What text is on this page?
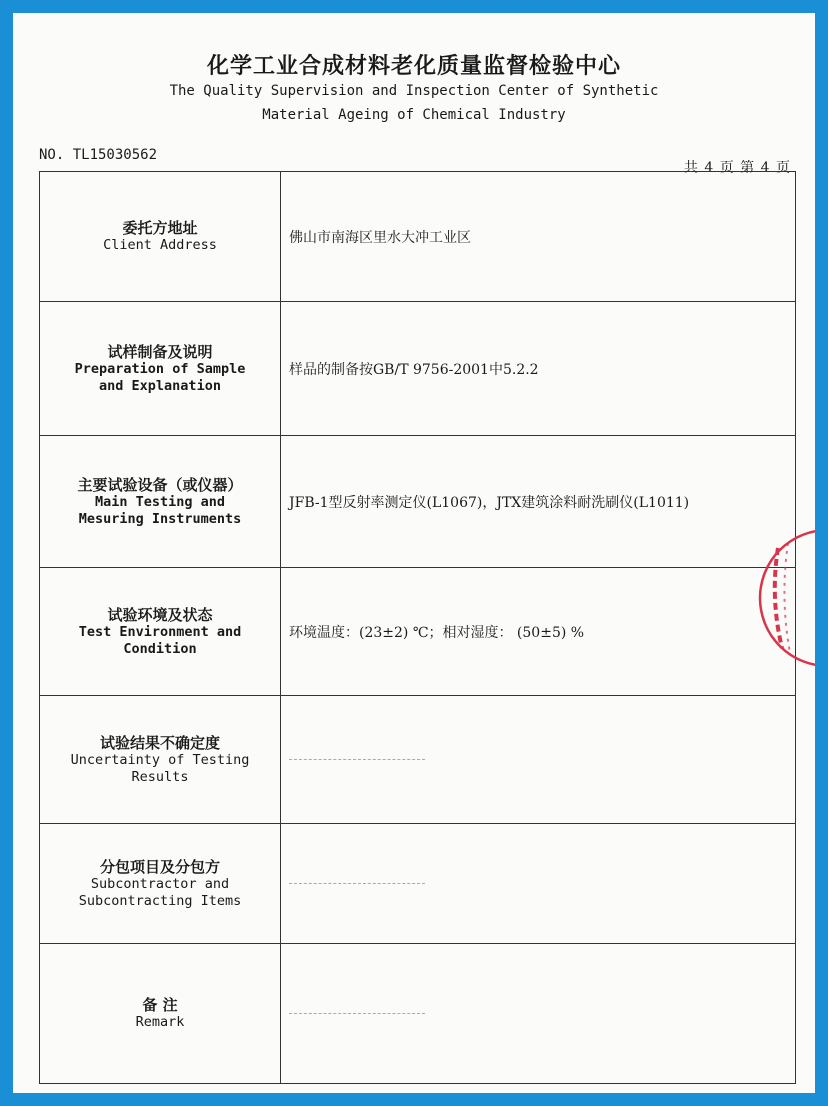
化学工业合成材料老化质量监督检验中心
The Quality Supervision and Inspection Center of Synthetic
Material Ageing of Chemical Industry
NO. TL15030562
共 4 页 第 4 页
委托方地址
Client Address	佛山市南海区里水大冲工业区

试样制备及说明
Preparation of Sample
and Explanation	样品的制备按GB/T 9756-2001中5.2.2

主要试验设备（或仪器）
Main Testing and
Mesuring Instruments	JFB-1型反射率测定仪(L1067)，JTX建筑涂料耐洗刷仪(L1011)

试验环境及状态
Test Environment and
Condition	环境温度：(23±2) ℃；相对湿度： (50±5) %

试验结果不确定度
Uncertainty of Testing
Results	

分包项目及分包方
Subcontractor and
Subcontracting Items	

备 注
Remark	
